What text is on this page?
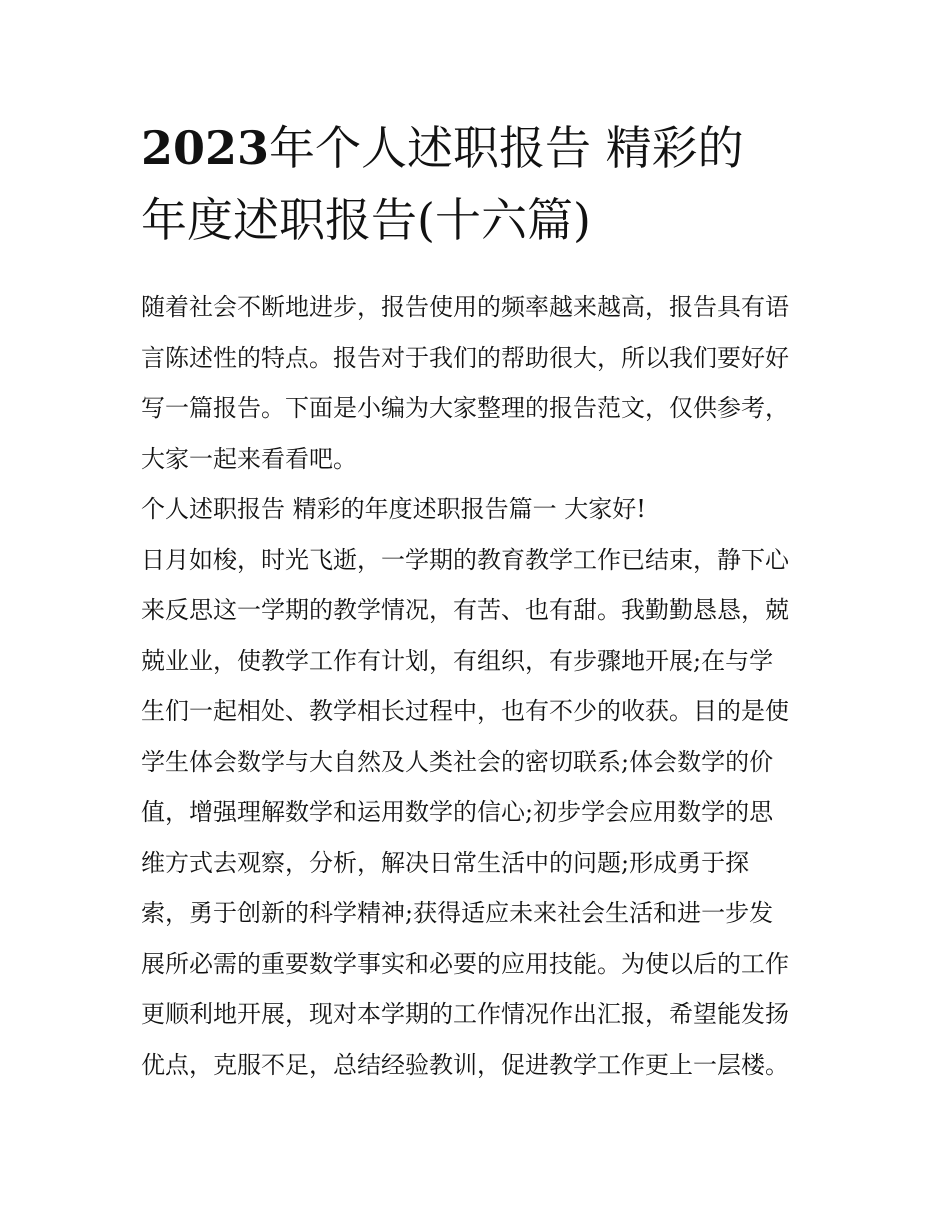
2023年个人述职报告 精彩的
年度述职报告(十六篇)
随着社会不断地进步，报告使用的频率越来越高，报告具有语
言陈述性的特点。报告对于我们的帮助很大，所以我们要好好
写一篇报告。下面是小编为大家整理的报告范文，仅供参考，
大家一起来看看吧。
个人述职报告 精彩的年度述职报告篇一 大家好!
日月如梭，时光飞逝，一学期的教育教学工作已结束，静下心
来反思这一学期的教学情况，有苦、也有甜。我勤勤恳恳，兢
兢业业，使教学工作有计划，有组织，有步骤地开展;在与学
生们一起相处、教学相长过程中，也有不少的收获。目的是使
学生体会数学与大自然及人类社会的密切联系;体会数学的价
值，增强理解数学和运用数学的信心;初步学会应用数学的思
维方式去观察，分析，解决日常生活中的问题;形成勇于探
索，勇于创新的科学精神;获得适应未来社会生活和进一步发
展所必需的重要数学事实和必要的应用技能。为使以后的工作
更顺利地开展，现对本学期的工作情况作出汇报，希望能发扬
优点，克服不足，总结经验教训，促进教学工作更上一层楼。
